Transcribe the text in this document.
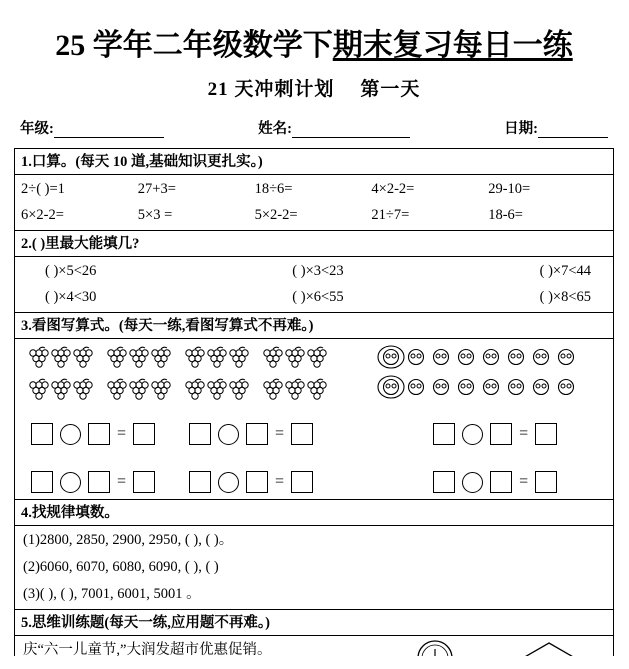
25 学年二年级数学下期末复习每日一练
21 天冲刺计划 第一天
年级:	姓名:	日期:
1.口算。(每天 10 道,基础知识更扎实。)
2÷( )=1	27+3=	18÷6=	4×2-2=	29-10=
6×2-2=	5×3 =	5×2-2=	21÷7=	18-6=
2.( )里最大能填几?
( )×5<26	( )×3<23	( )×7<44
( )×4<30	( )×6<55	( )×8<65
3.看图写算式。(每天一练,看图写算式不再难。)
=	=	=
=	=	=
4.找规律填数。
(1)2800, 2850, 2900, 2950, ( ), ( )。
(2)6060, 6070, 6080, 6090, ( ), ( )
(3)( ), ( ), 7001, 6001, 5001 。
5.思维训练题(每天一练,应用题不再难。)
庆“六一儿童节,”大润发超市优惠促销。
